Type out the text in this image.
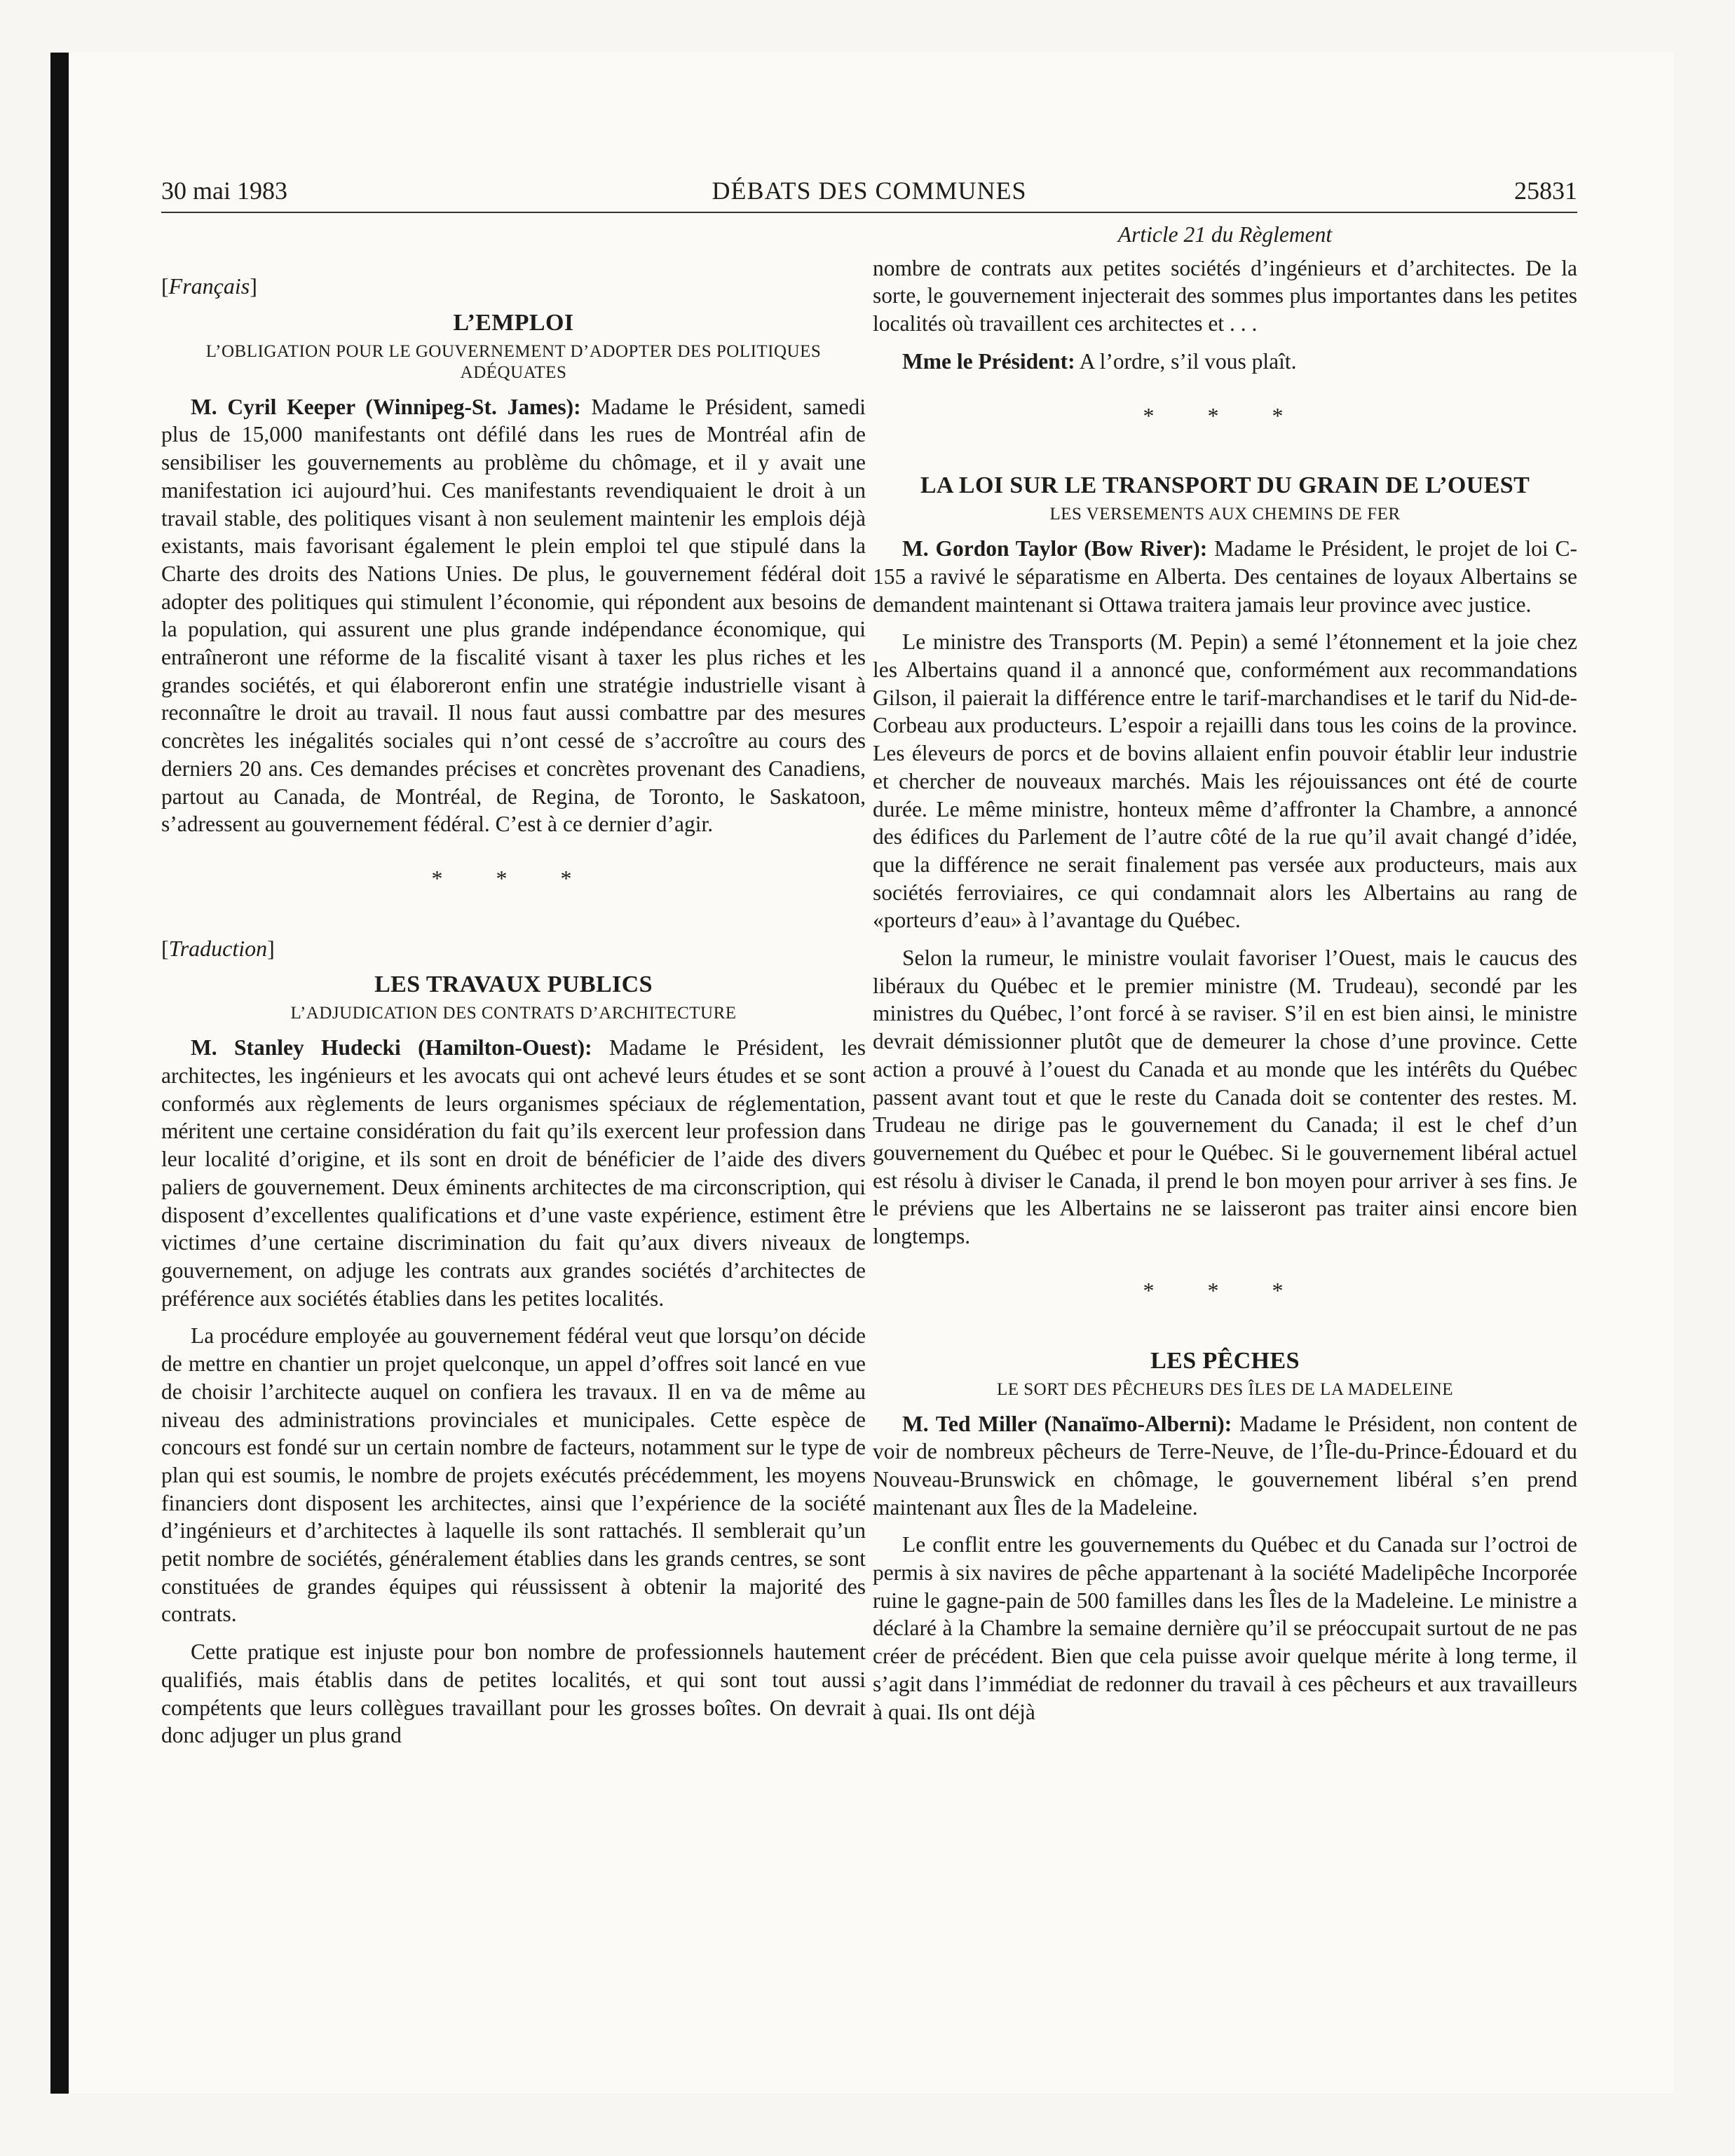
30 mai 1983	DÉBATS DES COMMUNES	25831

[Français]

L’EMPLOI

L’OBLIGATION POUR LE GOUVERNEMENT D’ADOPTER DES POLITIQUES ADÉQUATES

M. Cyril Keeper (Winnipeg-St. James): Madame le Président, samedi plus de 15,000 manifestants ont défilé dans les rues de Montréal afin de sensibiliser les gouvernements au problème du chômage, et il y avait une manifestation ici aujourd’hui. Ces manifestants revendiquaient le droit à un travail stable, des politiques visant à non seulement maintenir les emplois déjà existants, mais favorisant également le plein emploi tel que stipulé dans la Charte des droits des Nations Unies. De plus, le gouvernement fédéral doit adopter des politiques qui stimulent l’économie, qui répondent aux besoins de la population, qui assurent une plus grande indépendance économique, qui entraîneront une réforme de la fiscalité visant à taxer les plus riches et les grandes sociétés, et qui élaboreront enfin une stratégie industrielle visant à reconnaître le droit au travail. Il nous faut aussi combattre par des mesures concrètes les inégalités sociales qui n’ont cessé de s’accroître au cours des derniers 20 ans. Ces demandes précises et concrètes provenant des Canadiens, partout au Canada, de Montréal, de Regina, de Toronto, le Saskatoon, s’adressent au gouvernement fédéral. C’est à ce dernier d’agir.

* * *

[Traduction]

LES TRAVAUX PUBLICS

L’ADJUDICATION DES CONTRATS D’ARCHITECTURE

M. Stanley Hudecki (Hamilton-Ouest): Madame le Président, les architectes, les ingénieurs et les avocats qui ont achevé leurs études et se sont conformés aux règlements de leurs organismes spéciaux de réglementation, méritent une certaine considération du fait qu’ils exercent leur profession dans leur localité d’origine, et ils sont en droit de bénéficier de l’aide des divers paliers de gouvernement. Deux éminents architectes de ma circonscription, qui disposent d’excellentes qualifications et d’une vaste expérience, estiment être victimes d’une certaine discrimination du fait qu’aux divers niveaux de gouvernement, on adjuge les contrats aux grandes sociétés d’architectes de préférence aux sociétés établies dans les petites localités.

La procédure employée au gouvernement fédéral veut que lorsqu’on décide de mettre en chantier un projet quelconque, un appel d’offres soit lancé en vue de choisir l’architecte auquel on confiera les travaux. Il en va de même au niveau des administrations provinciales et municipales. Cette espèce de concours est fondé sur un certain nombre de facteurs, notamment sur le type de plan qui est soumis, le nombre de projets exécutés précédemment, les moyens financiers dont disposent les architectes, ainsi que l’expérience de la société d’ingénieurs et d’architectes à laquelle ils sont rattachés. Il semblerait qu’un petit nombre de sociétés, généralement établies dans les grands centres, se sont constituées de grandes équipes qui réussissent à obtenir la majorité des contrats.

Cette pratique est injuste pour bon nombre de professionnels hautement qualifiés, mais établis dans de petites localités, et qui sont tout aussi compétents que leurs collègues travaillant pour les grosses boîtes. On devrait donc adjuger un plus grand

Article 21 du Règlement

nombre de contrats aux petites sociétés d’ingénieurs et d’architectes. De la sorte, le gouvernement injecterait des sommes plus importantes dans les petites localités où travaillent ces architectes et . . .

Mme le Président: A l’ordre, s’il vous plaît.

* * *

LA LOI SUR LE TRANSPORT DU GRAIN DE L’OUEST

LES VERSEMENTS AUX CHEMINS DE FER

M. Gordon Taylor (Bow River): Madame le Président, le projet de loi C-155 a ravivé le séparatisme en Alberta. Des centaines de loyaux Albertains se demandent maintenant si Ottawa traitera jamais leur province avec justice.

Le ministre des Transports (M. Pepin) a semé l’étonnement et la joie chez les Albertains quand il a annoncé que, conformément aux recommandations Gilson, il paierait la différence entre le tarif-marchandises et le tarif du Nid-de-Corbeau aux producteurs. L’espoir a rejailli dans tous les coins de la province. Les éleveurs de porcs et de bovins allaient enfin pouvoir établir leur industrie et chercher de nouveaux marchés. Mais les réjouissances ont été de courte durée. Le même ministre, honteux même d’affronter la Chambre, a annoncé des édifices du Parlement de l’autre côté de la rue qu’il avait changé d’idée, que la différence ne serait finalement pas versée aux producteurs, mais aux sociétés ferroviaires, ce qui condamnait alors les Albertains au rang de «porteurs d’eau» à l’avantage du Québec.

Selon la rumeur, le ministre voulait favoriser l’Ouest, mais le caucus des libéraux du Québec et le premier ministre (M. Trudeau), secondé par les ministres du Québec, l’ont forcé à se raviser. S’il en est bien ainsi, le ministre devrait démissionner plutôt que de demeurer la chose d’une province. Cette action a prouvé à l’ouest du Canada et au monde que les intérêts du Québec passent avant tout et que le reste du Canada doit se contenter des restes. M. Trudeau ne dirige pas le gouvernement du Canada; il est le chef d’un gouvernement du Québec et pour le Québec. Si le gouvernement libéral actuel est résolu à diviser le Canada, il prend le bon moyen pour arriver à ses fins. Je le préviens que les Albertains ne se laisseront pas traiter ainsi encore bien longtemps.

* * *

LES PÊCHES

LE SORT DES PÊCHEURS DES ÎLES DE LA MADELEINE

M. Ted Miller (Nanaïmo-Alberni): Madame le Président, non content de voir de nombreux pêcheurs de Terre-Neuve, de l’Île-du-Prince-Édouard et du Nouveau-Brunswick en chômage, le gouvernement libéral s’en prend maintenant aux Îles de la Madeleine.

Le conflit entre les gouvernements du Québec et du Canada sur l’octroi de permis à six navires de pêche appartenant à la société Madelipêche Incorporée ruine le gagne-pain de 500 familles dans les Îles de la Madeleine. Le ministre a déclaré à la Chambre la semaine dernière qu’il se préoccupait surtout de ne pas créer de précédent. Bien que cela puisse avoir quelque mérite à long terme, il s’agit dans l’immédiat de redonner du travail à ces pêcheurs et aux travailleurs à quai. Ils ont déjà
